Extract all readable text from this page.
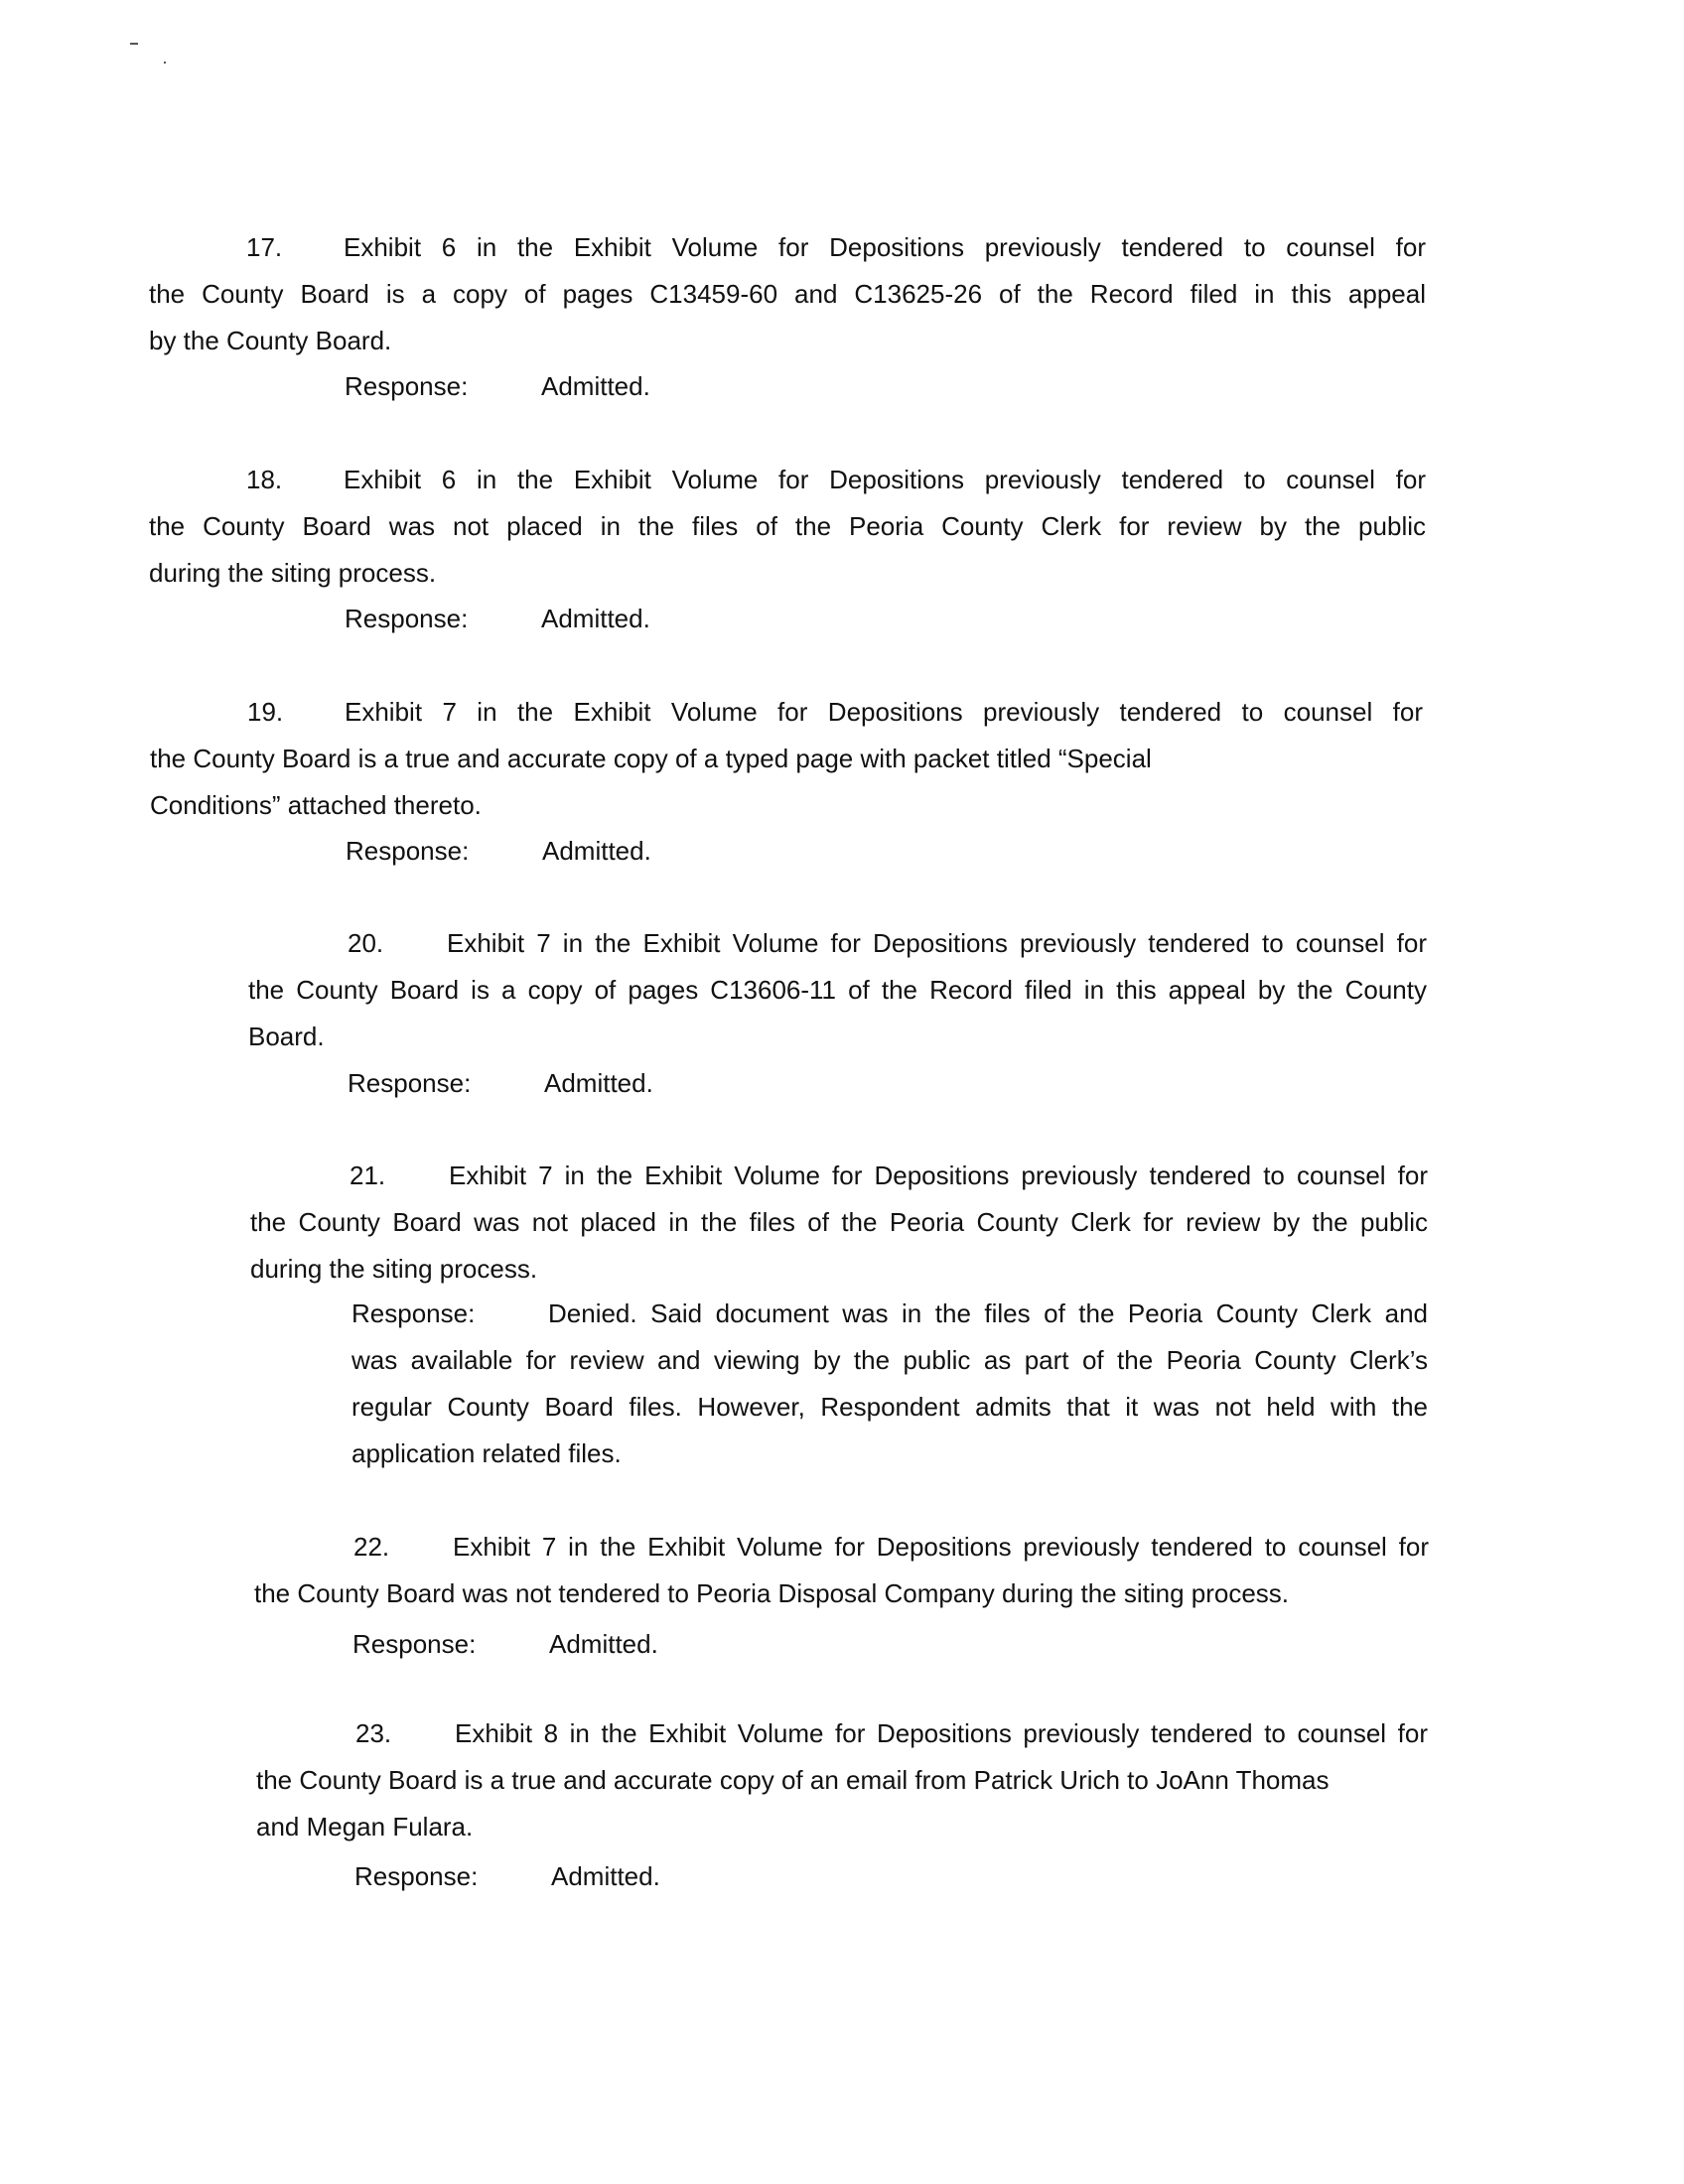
17. Exhibit 6 in the Exhibit Volume for Depositions previously tendered to counsel for
the County Board is a copy of pages C13459-60 and C13625-26 of the Record filed in this appeal
by the County Board.
Response:	Admitted.
18. Exhibit 6 in the Exhibit Volume for Depositions previously tendered to counsel for
the County Board was not placed in the files of the Peoria County Clerk for review by the public
during the siting process.
Response:	Admitted.
19. Exhibit 7 in the Exhibit Volume for Depositions previously tendered to counsel for
the County Board is a true and accurate copy of a typed page with packet titled “Special
Conditions” attached thereto.
Response:	Admitted.
20. Exhibit 7 in the Exhibit Volume for Depositions previously tendered to counsel for
the County Board is a copy of pages C13606-11 of the Record filed in this appeal by the County
Board.
Response:	Admitted.
21. Exhibit 7 in the Exhibit Volume for Depositions previously tendered to counsel for
the County Board was not placed in the files of the Peoria County Clerk for review by the public
during the siting process.
Response:	Denied. Said document was in the files of the Peoria County Clerk and
was available for review and viewing by the public as part of the Peoria County Clerk’s
regular County Board files. However, Respondent admits that it was not held with the
application related files.
22. Exhibit 7 in the Exhibit Volume for Depositions previously tendered to counsel for
the County Board was not tendered to Peoria Disposal Company during the siting process.
Response:	Admitted.
23. Exhibit 8 in the Exhibit Volume for Depositions previously tendered to counsel for
the County Board is a true and accurate copy of an email from Patrick Urich to JoAnn Thomas
and Megan Fulara.
Response:	Admitted.
